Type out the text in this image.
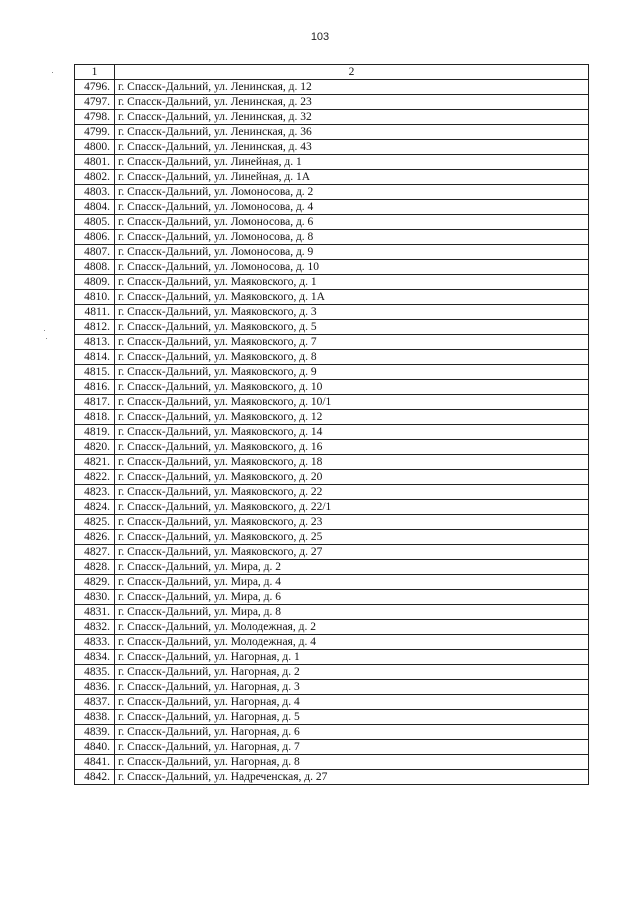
103
1	2
4796.	г. Спасск-Дальний, ул. Ленинская, д. 12
4797.	г. Спасск-Дальний, ул. Ленинская, д. 23
4798.	г. Спасск-Дальний, ул. Ленинская, д. 32
4799.	г. Спасск-Дальний, ул. Ленинская, д. 36
4800.	г. Спасск-Дальний, ул. Ленинская, д. 43
4801.	г. Спасск-Дальний, ул. Линейная, д. 1
4802.	г. Спасск-Дальний, ул. Линейная, д. 1А
4803.	г. Спасск-Дальний, ул. Ломоносова, д. 2
4804.	г. Спасск-Дальний, ул. Ломоносова, д. 4
4805.	г. Спасск-Дальний, ул. Ломоносова, д. 6
4806.	г. Спасск-Дальний, ул. Ломоносова, д. 8
4807.	г. Спасск-Дальний, ул. Ломоносова, д. 9
4808.	г. Спасск-Дальний, ул. Ломоносова, д. 10
4809.	г. Спасск-Дальний, ул. Маяковского, д. 1
4810.	г. Спасск-Дальний, ул. Маяковского, д. 1А
4811.	г. Спасск-Дальний, ул. Маяковского, д. 3
4812.	г. Спасск-Дальний, ул. Маяковского, д. 5
4813.	г. Спасск-Дальний, ул. Маяковского, д. 7
4814.	г. Спасск-Дальний, ул. Маяковского, д. 8
4815.	г. Спасск-Дальний, ул. Маяковского, д. 9
4816.	г. Спасск-Дальний, ул. Маяковского, д. 10
4817.	г. Спасск-Дальний, ул. Маяковского, д. 10/1
4818.	г. Спасск-Дальний, ул. Маяковского, д. 12
4819.	г. Спасск-Дальний, ул. Маяковского, д. 14
4820.	г. Спасск-Дальний, ул. Маяковского, д. 16
4821.	г. Спасск-Дальний, ул. Маяковского, д. 18
4822.	г. Спасск-Дальний, ул. Маяковского, д. 20
4823.	г. Спасск-Дальний, ул. Маяковского, д. 22
4824.	г. Спасск-Дальний, ул. Маяковского, д. 22/1
4825.	г. Спасск-Дальний, ул. Маяковского, д. 23
4826.	г. Спасск-Дальний, ул. Маяковского, д. 25
4827.	г. Спасск-Дальний, ул. Маяковского, д. 27
4828.	г. Спасск-Дальний, ул. Мира, д. 2
4829.	г. Спасск-Дальний, ул. Мира, д. 4
4830.	г. Спасск-Дальний, ул. Мира, д. 6
4831.	г. Спасск-Дальний, ул. Мира, д. 8
4832.	г. Спасск-Дальний, ул. Молодежная, д. 2
4833.	г. Спасск-Дальний, ул. Молодежная, д. 4
4834.	г. Спасск-Дальний, ул. Нагорная, д. 1
4835.	г. Спасск-Дальний, ул. Нагорная, д. 2
4836.	г. Спасск-Дальний, ул. Нагорная, д. 3
4837.	г. Спасск-Дальний, ул. Нагорная, д. 4
4838.	г. Спасск-Дальний, ул. Нагорная, д. 5
4839.	г. Спасск-Дальний, ул. Нагорная, д. 6
4840.	г. Спасск-Дальний, ул. Нагорная, д. 7
4841.	г. Спасск-Дальний, ул. Нагорная, д. 8
4842.	г. Спасск-Дальний, ул. Надреченская, д. 27
